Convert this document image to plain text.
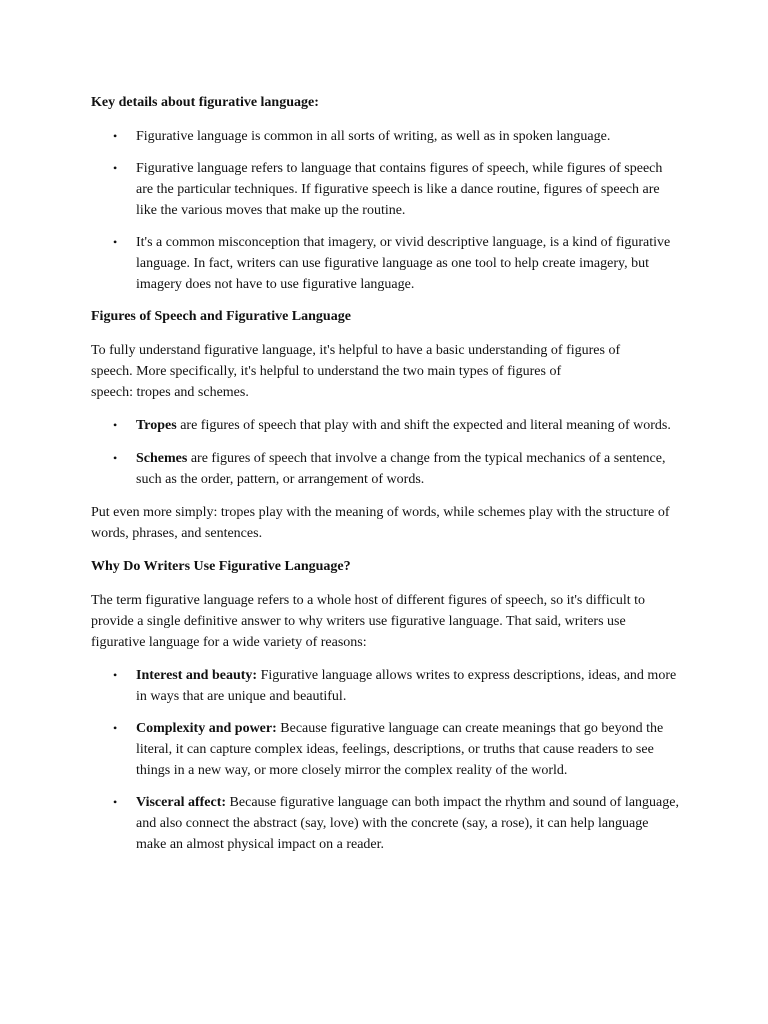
Key details about figurative language:
• Figurative language is common in all sorts of writing, as well as in spoken language.
• Figurative language refers to language that contains figures of speech, while figures of speech are the particular techniques. If figurative speech is like a dance routine, figures of speech are like the various moves that make up the routine.
• It's a common misconception that imagery, or vivid descriptive language, is a kind of figurative language. In fact, writers can use figurative language as one tool to help create imagery, but imagery does not have to use figurative language.
Figures of Speech and Figurative Language

To fully understand figurative language, it's helpful to have a basic understanding of figures of
speech. More specifically, it's helpful to understand the two main types of figures of
speech: tropes and schemes.

• Tropes are figures of speech that play with and shift the expected and literal meaning of words.
• Schemes are figures of speech that involve a change from the typical mechanics of a sentence, such as the order, pattern, or arrangement of words.

Put even more simply: tropes play with the meaning of words, while schemes play with the structure of words, phrases, and sentences.

Why Do Writers Use Figurative Language?

The term figurative language refers to a whole host of different figures of speech, so it's difficult to provide a single definitive answer to why writers use figurative language. That said, writers use figurative language for a wide variety of reasons:

• Interest and beauty: Figurative language allows writes to express descriptions, ideas, and more in ways that are unique and beautiful.
• Complexity and power: Because figurative language can create meanings that go beyond the literal, it can capture complex ideas, feelings, descriptions, or truths that cause readers to see things in a new way, or more closely mirror the complex reality of the world.
• Visceral affect: Because figurative language can both impact the rhythm and sound of language, and also connect the abstract (say, love) with the concrete (say, a rose), it can help language make an almost physical impact on a reader.
